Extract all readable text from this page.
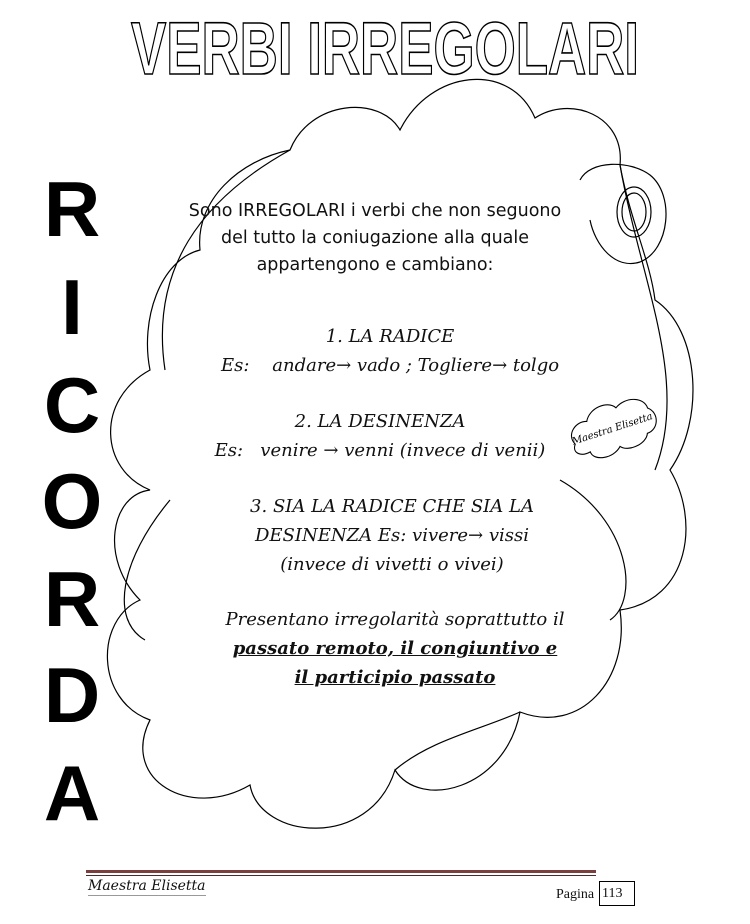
VERBI IRREGOLARI
Maestra Elisetta
R
I
C
O
R
D
A
Sono IRREGOLARI i verbi che non seguono del tutto la coniugazione alla quale appartengono e cambiano:
1. LA RADICE
Es:    andare→ vado ; Togliere→ tolgo
2. LA DESINENZA
Es:   venire → venni (invece di venii)
3. SIA LA RADICE CHE SIA LA DESINENZA Es: vivere→ vissi (invece di vivetti o vivei)
Presentano irregolarità soprattutto il
passato remoto, il congiuntivo e
il participio passato
Maestra Elisetta
Pagina 113
